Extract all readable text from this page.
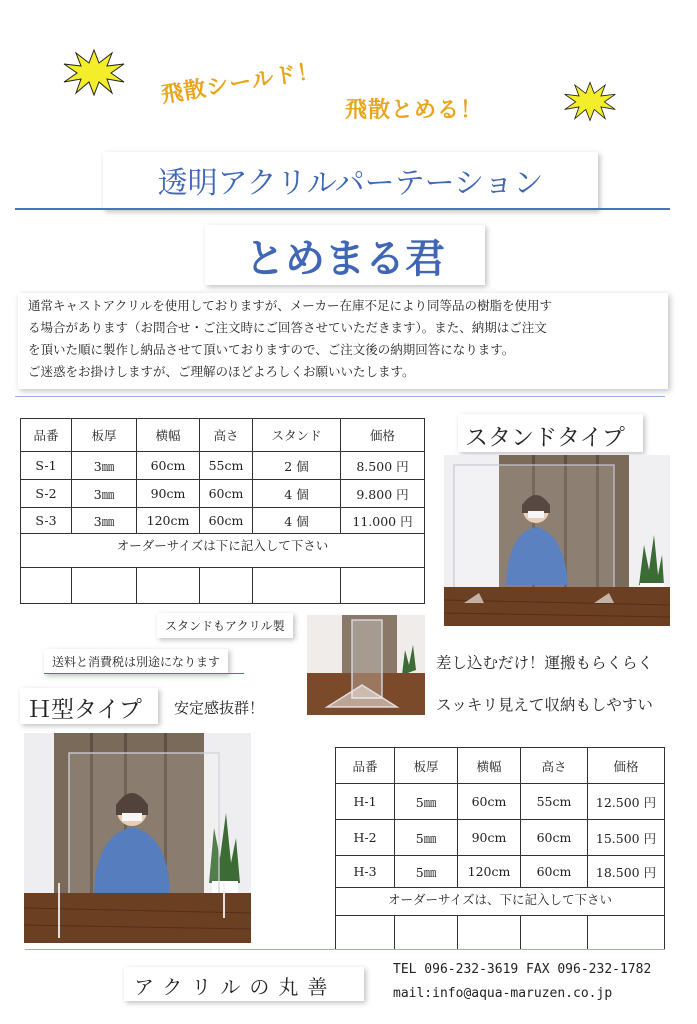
飛散シールド！
飛散とめる！
透明アクリルパーテーション
とめまる君
通常キャストアクリルを使用しておりますが、メーカー在庫不足により同等品の樹脂を使用す
る場合があります（お問合せ・ご注文時にご回答させていただきます）。また、納期はご注文
を頂いた順に製作し納品させて頂いておりますので、ご注文後の納期回答になります。
ご迷惑をお掛けしますが、ご理解のほどよろしくお願いいたします。
品番	板厚	横幅	高さ	スタンド	価格
S-1	3㎜	60cm	55cm	2 個	8.500 円
S-2	3㎜	90cm	60cm	4 個	9.800 円
S-3	3㎜	120cm	60cm	4 個	11.000 円
オーダーサイズは下に記入して下さい					

スタンドタイプ
スタンドもアクリル製
送料と消費税は別途になります	差し込むだけ！運搬もらくらく
スッキリ見えて収納もしやすい
Ｈ型タイプ 安定感抜群！
品番	板厚	横幅	高さ	価格
H-1	5㎜	60cm	55cm	12.500 円
H-2	5㎜	90cm	60cm	15.500 円
H-3	5㎜	120cm	60cm	18.500 円
オーダーサイズは、下に記入して下さい				

アクリルの丸善
TEL 096-232-3619 FAX 096-232-1782
mail:info@aqua-maruzen.co.jp
